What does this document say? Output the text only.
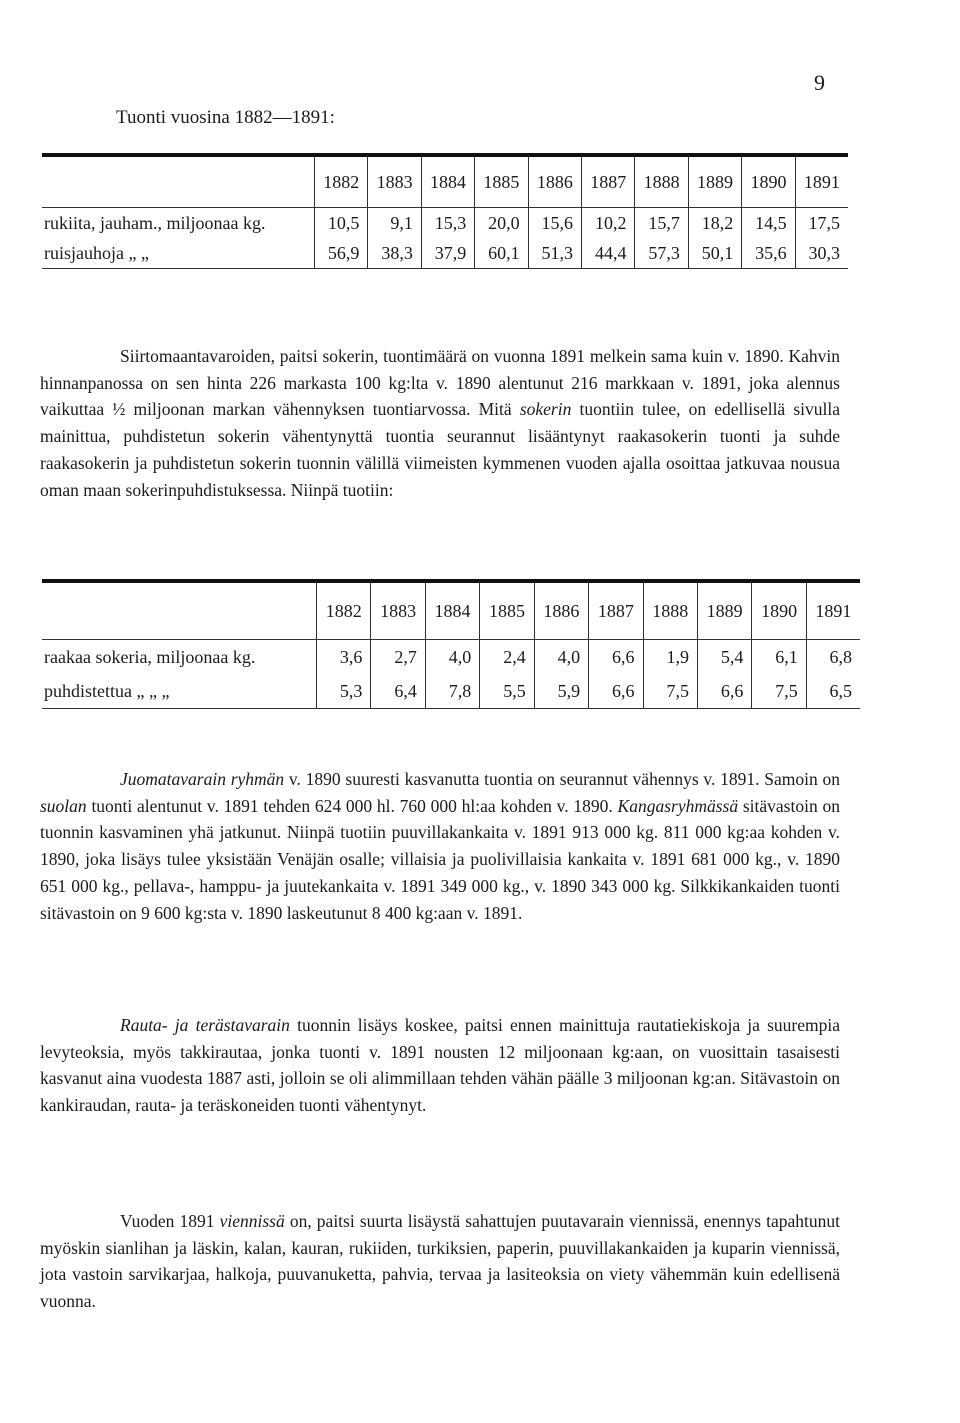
9
Tuonti vuosina 1882—1891:
	1882	1883	1884	1885	1886	1887	1888	1889	1890	1891
rukiita, jauham., miljoonaa kg.	10,5	9,1	15,3	20,0	15,6	10,2	15,7	18,2	14,5	17,5
ruisjauhoja „ „	56,9	38,3	37,9	60,1	51,3	44,4	57,3	50,1	35,6	30,3

Siirtomaantavaroiden, paitsi sokerin, tuontimäärä on vuonna 1891 melkein sama kuin v. 1890. Kahvin hinnanpanossa on sen hinta 226 markasta 100 kg:lta v. 1890 alentunut 216 markkaan v. 1891, joka alennus vaikuttaa ½ miljoonan markan vähennyksen tuontiarvossa. Mitä sokerin tuontiin tulee, on edellisellä sivulla mainittua, puhdistetun sokerin vähentynyttä tuontia seurannut lisääntynyt raakasokerin tuonti ja suhde raakasokerin ja puhdistetun sokerin tuonnin välillä viimeisten kymmenen vuoden ajalla osoittaa jatkuvaa nousua oman maan sokerinpuhdistuksessa. Niinpä tuotiin:

	1882	1883	1884	1885	1886	1887	1888	1889	1890	1891
raakaa sokeria, miljoonaa kg.	3,6	2,7	4,0	2,4	4,0	6,6	1,9	5,4	6,1	6,8
puhdistettua „ „ „	5,3	6,4	7,8	5,5	5,9	6,6	7,5	6,6	7,5	6,5

Juomatavarain ryhmän v. 1890 suuresti kasvanutta tuontia on seurannut vähennys v. 1891. Samoin on suolan tuonti alentunut v. 1891 tehden 624 000 hl. 760 000 hl:aa kohden v. 1890. Kangasryhmässä sitävastoin on tuonnin kasvaminen yhä jatkunut. Niinpä tuotiin puuvillakankaita v. 1891 913 000 kg. 811 000 kg:aa kohden v. 1890, joka lisäys tulee yksistään Venäjän osalle; villaisia ja puolivillaisia kankaita v. 1891 681 000 kg., v. 1890 651 000 kg., pellava-, hamppu- ja juutekankaita v. 1891 349 000 kg., v. 1890 343 000 kg. Silkkikankaiden tuonti sitävastoin on 9 600 kg:sta v. 1890 laskeutunut 8 400 kg:aan v. 1891.

Rauta- ja terästavarain tuonnin lisäys koskee, paitsi ennen mainittuja rautatiekiskoja ja suurempia levyteoksia, myös takkirautaa, jonka tuonti v. 1891 nousten 12 miljoonaan kg:aan, on vuosittain tasaisesti kasvanut aina vuodesta 1887 asti, jolloin se oli alimmillaan tehden vähän päälle 3 miljoonan kg:an. Sitävastoin on kankiraudan, rauta- ja teräskoneiden tuonti vähentynyt.

Vuoden 1891 viennissä on, paitsi suurta lisäystä sahattujen puutavarain viennissä, enennys tapahtunut myöskin sianlihan ja läskin, kalan, kauran, rukiiden, turkiksien, paperin, puuvillakankaiden ja kuparin viennissä, jota vastoin sarvikarjaa, halkoja, puuvanuketta, pahvia, tervaa ja lasiteoksia on viety vähemmän kuin edellisenä vuonna.
